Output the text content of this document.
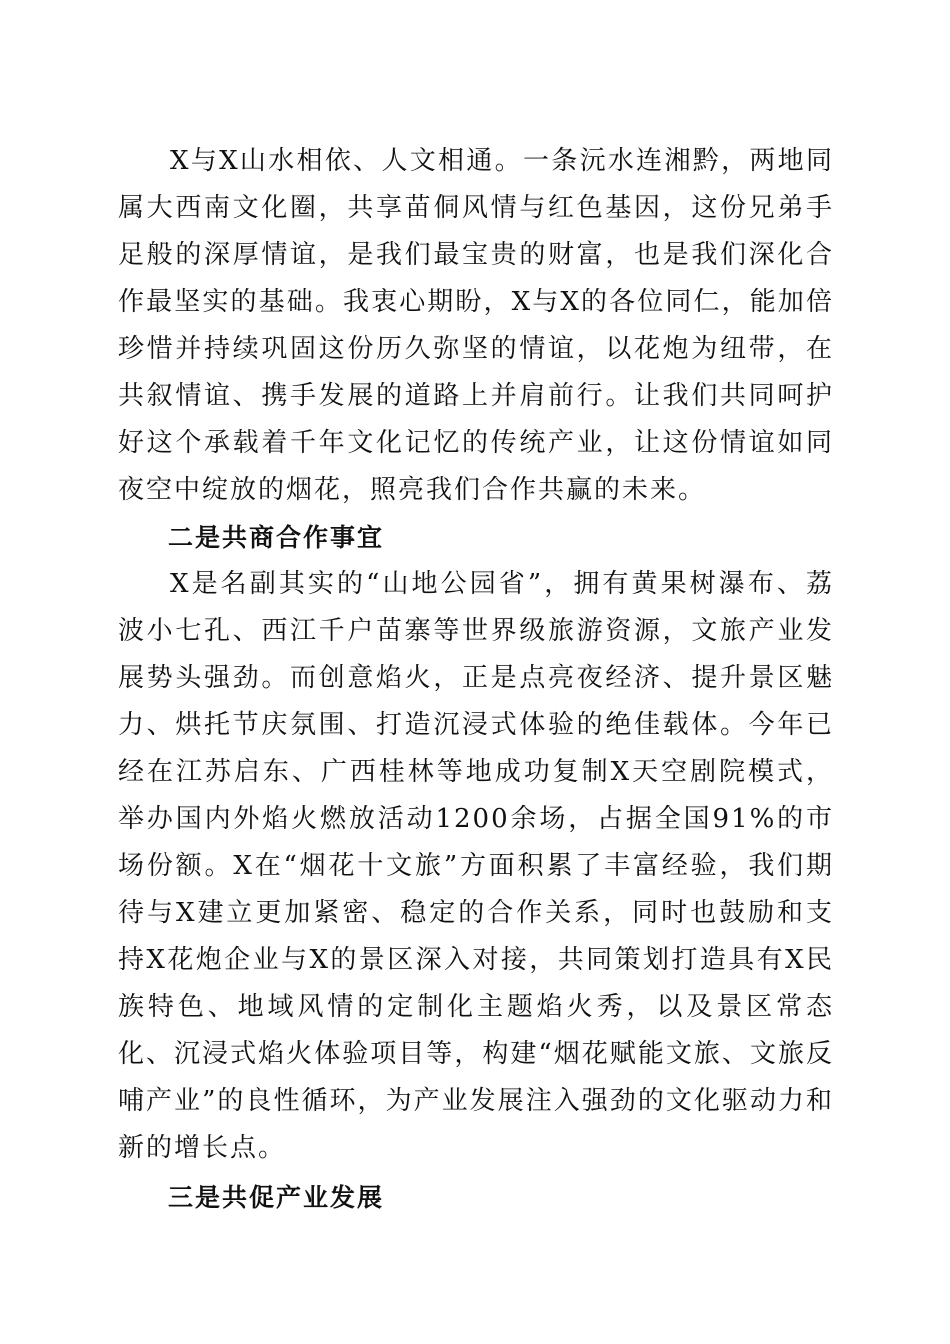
X与X山水相依、人文相通。一条沅水连湘黔，两地同属大西南文化圈，共享苗侗风情与红色基因，这份兄弟手足般的深厚情谊，是我们最宝贵的财富，也是我们深化合作最坚实的基础。我衷心期盼，X与X的各位同仁，能加倍珍惜并持续巩固这份历久弥坚的情谊，以花炮为纽带，在共叙情谊、携手发展的道路上并肩前行。让我们共同呵护好这个承载着千年文化记忆的传统产业，让这份情谊如同夜空中绽放的烟花，照亮我们合作共赢的未来。

二是共商合作事宜

X是名副其实的“山地公园省”，拥有黄果树瀑布、荔波小七孔、西江千户苗寨等世界级旅游资源，文旅产业发展势头强劲。而创意焰火，正是点亮夜经济、提升景区魅力、烘托节庆氛围、打造沉浸式体验的绝佳载体。今年已经在江苏启东、广西桂林等地成功复制X天空剧院模式，举办国内外焰火燃放活动1200余场，占据全国91%的市场份额。X在“烟花十文旅”方面积累了丰富经验，我们期待与X建立更加紧密、稳定的合作关系，同时也鼓励和支持X花炮企业与X的景区深入对接，共同策划打造具有X民族特色、地域风情的定制化主题焰火秀，以及景区常态化、沉浸式焰火体验项目等，构建“烟花赋能文旅、文旅反哺产业”的良性循环，为产业发展注入强劲的文化驱动力和新的增长点。

三是共促产业发展
